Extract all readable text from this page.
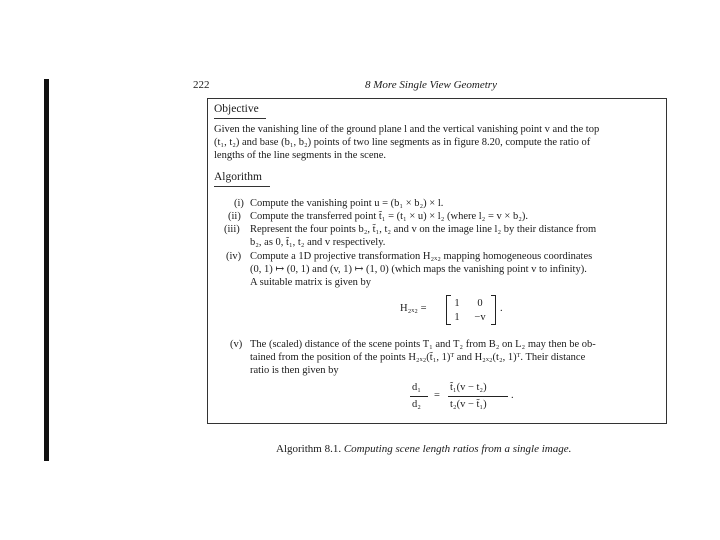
222	8 More Single View Geometry
Objective
Given the vanishing line of the ground plane l and the vertical vanishing point v and the top
(t₁, t₂) and base (b₁, b₂) points of two line segments as in figure 8.20, compute the ratio of
lengths of the line segments in the scene.
Algorithm
(i) Compute the vanishing point u = (b₁ × b₂) × l.
(ii) Compute the transferred point t̃₁ = (t₁ × u) × l₂ (where l₂ = v × b₂).
(iii) Represent the four points b₂, t̃₁, t₂ and v on the image line l₂ by their distance from
b₂, as 0, t̃₁, t₂ and v respectively.
(iv) Compute a 1D projective transformation H₂ₓ₂ mapping homogeneous coordinates
(0, 1) ↦ (0, 1) and (v, 1) ↦ (1, 0) (which maps the vanishing point v to infinity).
A suitable matrix is given by
H₂ₓ₂ =	1	0
1	−v
.
(v) The (scaled) distance of the scene points T₁ and T₂ from B₂ on L₂ may then be ob-
tained from the position of the points H₂ₓ₂(t̃₁, 1)ᵀ and H₂ₓ₂(t₂, 1)ᵀ. Their distance
ratio is then given by
d₁
d₂
=
t̃₁(v − t₂)
t₂(v − t̃₁)
.
Algorithm 8.1. Computing scene length ratios from a single image.
